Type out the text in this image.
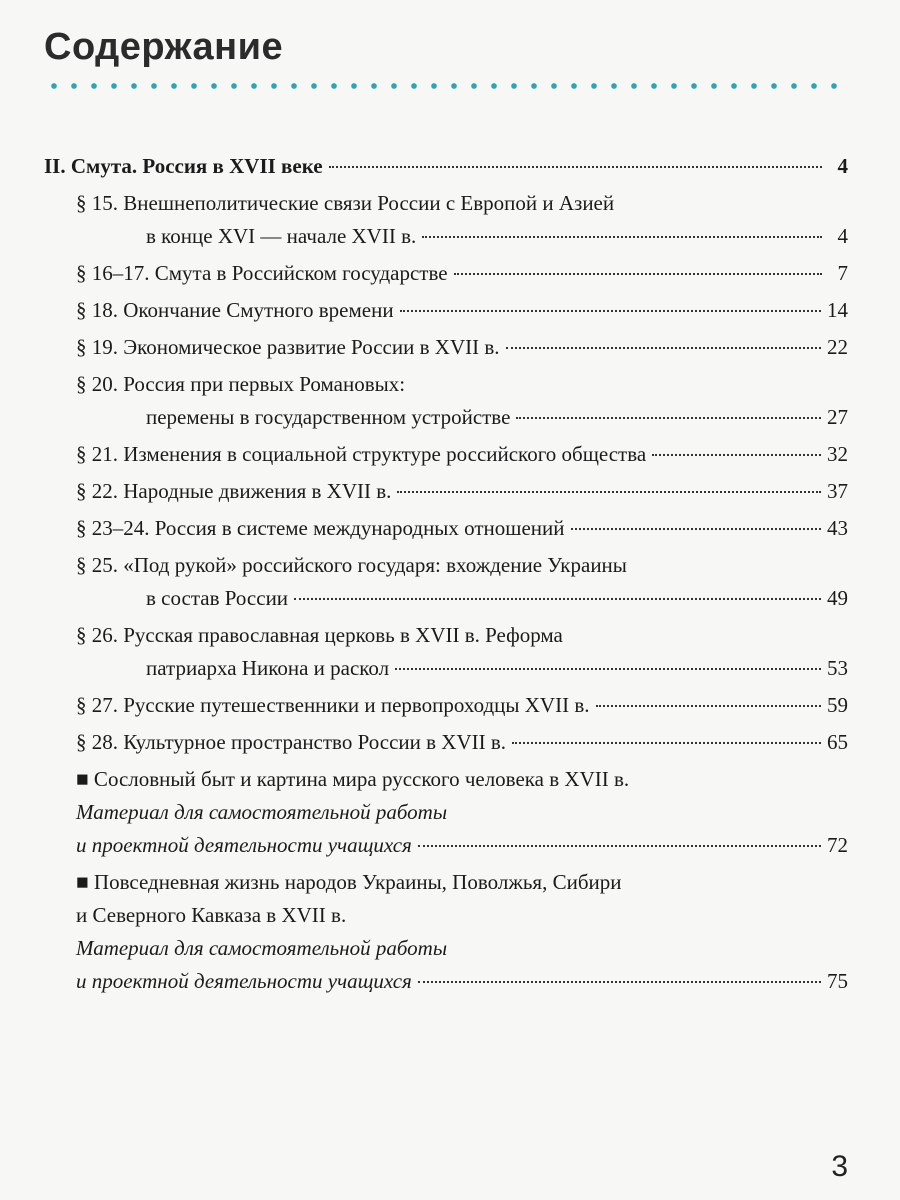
Содержание
II. Смута. Россия в XVII веке	4
§ 15. Внешнеполитические связи России с Европой и Азией
в конце XVI — начале XVII в.	4
§ 16–17. Смута в Российском государстве	7
§ 18. Окончание Смутного времени	14
§ 19. Экономическое развитие России в XVII в.	22
§ 20. Россия при первых Романовых:
перемены в государственном устройстве	27
§ 21. Изменения в социальной структуре российского общества	32
§ 22. Народные движения в XVII в.	37
§ 23–24. Россия в системе международных отношений	43
§ 25. «Под рукой» российского государя: вхождение Украины
в состав России	49
§ 26. Русская православная церковь в XVII в. Реформа
патриарха Никона и раскол	53
§ 27. Русские путешественники и первопроходцы XVII в.	59
§ 28. Культурное пространство России в XVII в.	65
■ Сословный быт и картина мира русского человека в XVII в.
Материал для самостоятельной работы
и проектной деятельности учащихся	72
■ Повседневная жизнь народов Украины, Поволжья, Сибири
и Северного Кавказа в XVII в.
Материал для самостоятельной работы
и проектной деятельности учащихся	75
3
